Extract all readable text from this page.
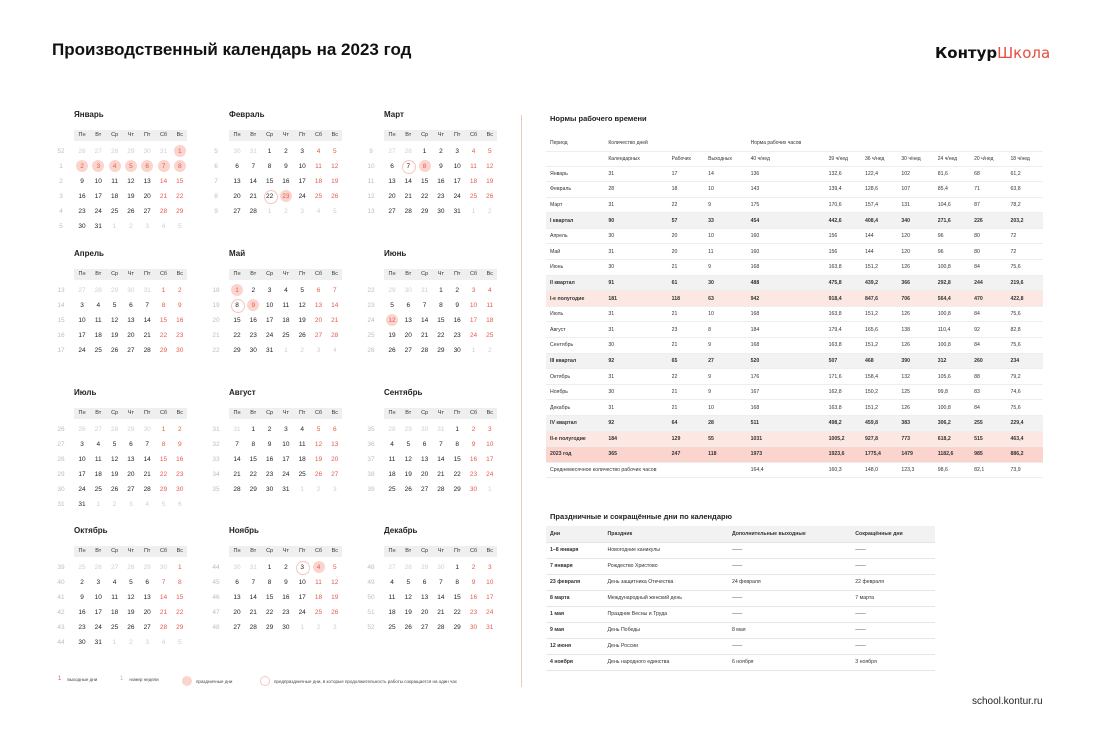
Производственный календарь на 2023 год	КонтурШкола
school.kontur.ru
Январь
Пн	Вт	Ср	Чт	Пт	Сб	Вс
52	26	27	28	29	30	31	1
1	2	3	4	5	6	7	8
2	9	10	11	12	13	14	15
3	16	17	18	19	20	21	22
4	23	24	25	26	27	28	29
5	30	31	1	2	3	4	5
Февраль
Пн	Вт	Ср	Чт	Пт	Сб	Вс
5	30	31	1	2	3	4	5
6	6	7	8	9	10	11	12
7	13	14	15	16	17	18	19
8	20	21	22	23	24	25	26
9	27	28	1	2	3	4	5
Март
Пн	Вт	Ср	Чт	Пт	Сб	Вс
9	27	28	1	2	3	4	5
10	6	7	8	9	10	11	12
11	13	14	15	16	17	18	19
12	20	21	22	23	24	25	26
13	27	28	29	30	31	1	2
Апрель
Пн	Вт	Ср	Чт	Пт	Сб	Вс
13	27	28	29	30	31	1	2
14	3	4	5	6	7	8	9
15	10	11	12	13	14	15	16
16	17	18	19	20	21	22	23
17	24	25	26	27	28	29	30
Май
Пн	Вт	Ср	Чт	Пт	Сб	Вс
18	1	2	3	4	5	6	7
19	8	9	10	11	12	13	14
20	15	16	17	18	19	20	21
21	22	23	24	25	26	27	28
22	29	30	31	1	2	3	4
Июнь
Пн	Вт	Ср	Чт	Пт	Сб	Вс
22	29	30	31	1	2	3	4
23	5	6	7	8	9	10	11
24	12	13	14	15	16	17	18
25	19	20	21	22	23	24	25
26	26	27	28	29	30	1	2
Июль
Пн	Вт	Ср	Чт	Пт	Сб	Вс
26	26	27	28	29	30	1	2
27	3	4	5	6	7	8	9
28	10	11	12	13	14	15	16
29	17	18	19	20	21	22	23
30	24	25	26	27	28	29	30
31	31	1	2	3	4	5	6
Август
Пн	Вт	Ср	Чт	Пт	Сб	Вс
31	31	1	2	3	4	5	6
32	7	8	9	10	11	12	13
33	14	15	16	17	18	19	20
34	21	22	23	24	25	26	27
35	28	29	30	31	1	2	3
Сентябрь
Пн	Вт	Ср	Чт	Пт	Сб	Вс
35	28	29	30	31	1	2	3
36	4	5	6	7	8	9	10
37	11	12	13	14	15	16	17
38	18	19	20	21	22	23	24
39	25	26	27	28	29	30	1
Октябрь
Пн	Вт	Ср	Чт	Пт	Сб	Вс
39	25	26	27	28	29	30	1
40	2	3	4	5	6	7	8
41	9	10	11	12	13	14	15
42	16	17	18	19	20	21	22
43	23	24	25	26	27	28	29
44	30	31	1	2	3	4	5
Ноябрь
Пн	Вт	Ср	Чт	Пт	Сб	Вс
44	30	31	1	2	3	4	5
45	6	7	8	9	10	11	12
46	13	14	15	16	17	18	19
47	20	21	22	23	24	25	26
48	27	28	29	30	1	2	3
Декабрь
Пн	Вт	Ср	Чт	Пт	Сб	Вс
48	27	28	29	30	1	2	3
49	4	5	6	7	8	9	10
50	11	12	13	14	15	16	17
51	18	19	20	21	22	23	24
52	25	26	27	28	29	30	31
1 выходные дни	1 номер недели	праздничные дни	предпраздничные дни, в которые продолжительность работы сокращается на один час
Нормы рабочего времени
Период	Количество дней			Норма рабочих часов						
	Календарных	Рабочих	Выходных	40 ч/нед	39 ч/нед	36 ч/нед	30 ч/нед	24 ч/нед	20 ч/нед	18 ч/нед
Январь	31	17	14	136	132,6	122,4	102	81,6	68	61,2
Февраль	28	18	10	143	139,4	128,6	107	85,4	71	63,8
Март	31	22	9	175	170,6	157,4	131	104,6	87	78,2
I квартал	90	57	33	454	442,6	408,4	340	271,6	226	203,2
Апрель	30	20	10	160	156	144	120	96	80	72
Май	31	20	11	160	156	144	120	96	80	72
Июнь	30	21	9	168	163,8	151,2	126	100,8	84	75,6
II квартал	91	61	30	488	475,8	439,2	366	292,8	244	219,6
I-е полугодие	181	118	63	942	918,4	847,6	706	564,4	470	422,8
Июль	31	21	10	168	163,8	151,2	126	100,8	84	75,6
Август	31	23	8	184	179,4	165,6	138	110,4	92	82,8
Сентябрь	30	21	9	168	163,8	151,2	126	100,8	84	75,6
III квартал	92	65	27	520	507	468	390	312	260	234
Октябрь	31	22	9	176	171,6	158,4	132	105,6	88	79,2
Ноябрь	30	21	9	167	162,8	150,2	125	99,8	83	74,6
Декабрь	31	21	10	168	163,8	151,2	126	100,8	84	75,6
IV квартал	92	64	28	511	498,2	459,8	383	306,2	255	229,4
II-е полугодие	184	129	55	1031	1005,2	927,8	773	618,2	515	463,4
2023 год	365	247	118	1973	1923,6	1775,4	1479	1182,6	985	886,2
Среднемесячное количество рабочих часов				164,4	160,3	148,0	123,3	98,6	82,1	73,9
Праздничные и сокращённые дни по календарю
Дни	Праздник	Дополнительные выходные	Сокращённые дни
1–8 января	Новогодние каникулы	——	——
7 января	Рождество Христово	——	——
23 февраля	День защитника Отечества	24 февраля	22 февраля
8 марта	Международный женский день	——	7 марта
1 мая	Праздник Весны и Труда	——	——
9 мая	День Победы	8 мая	——
12 июня	День России	——	——
4 ноября	День народного единства	6 ноября	3 ноября
